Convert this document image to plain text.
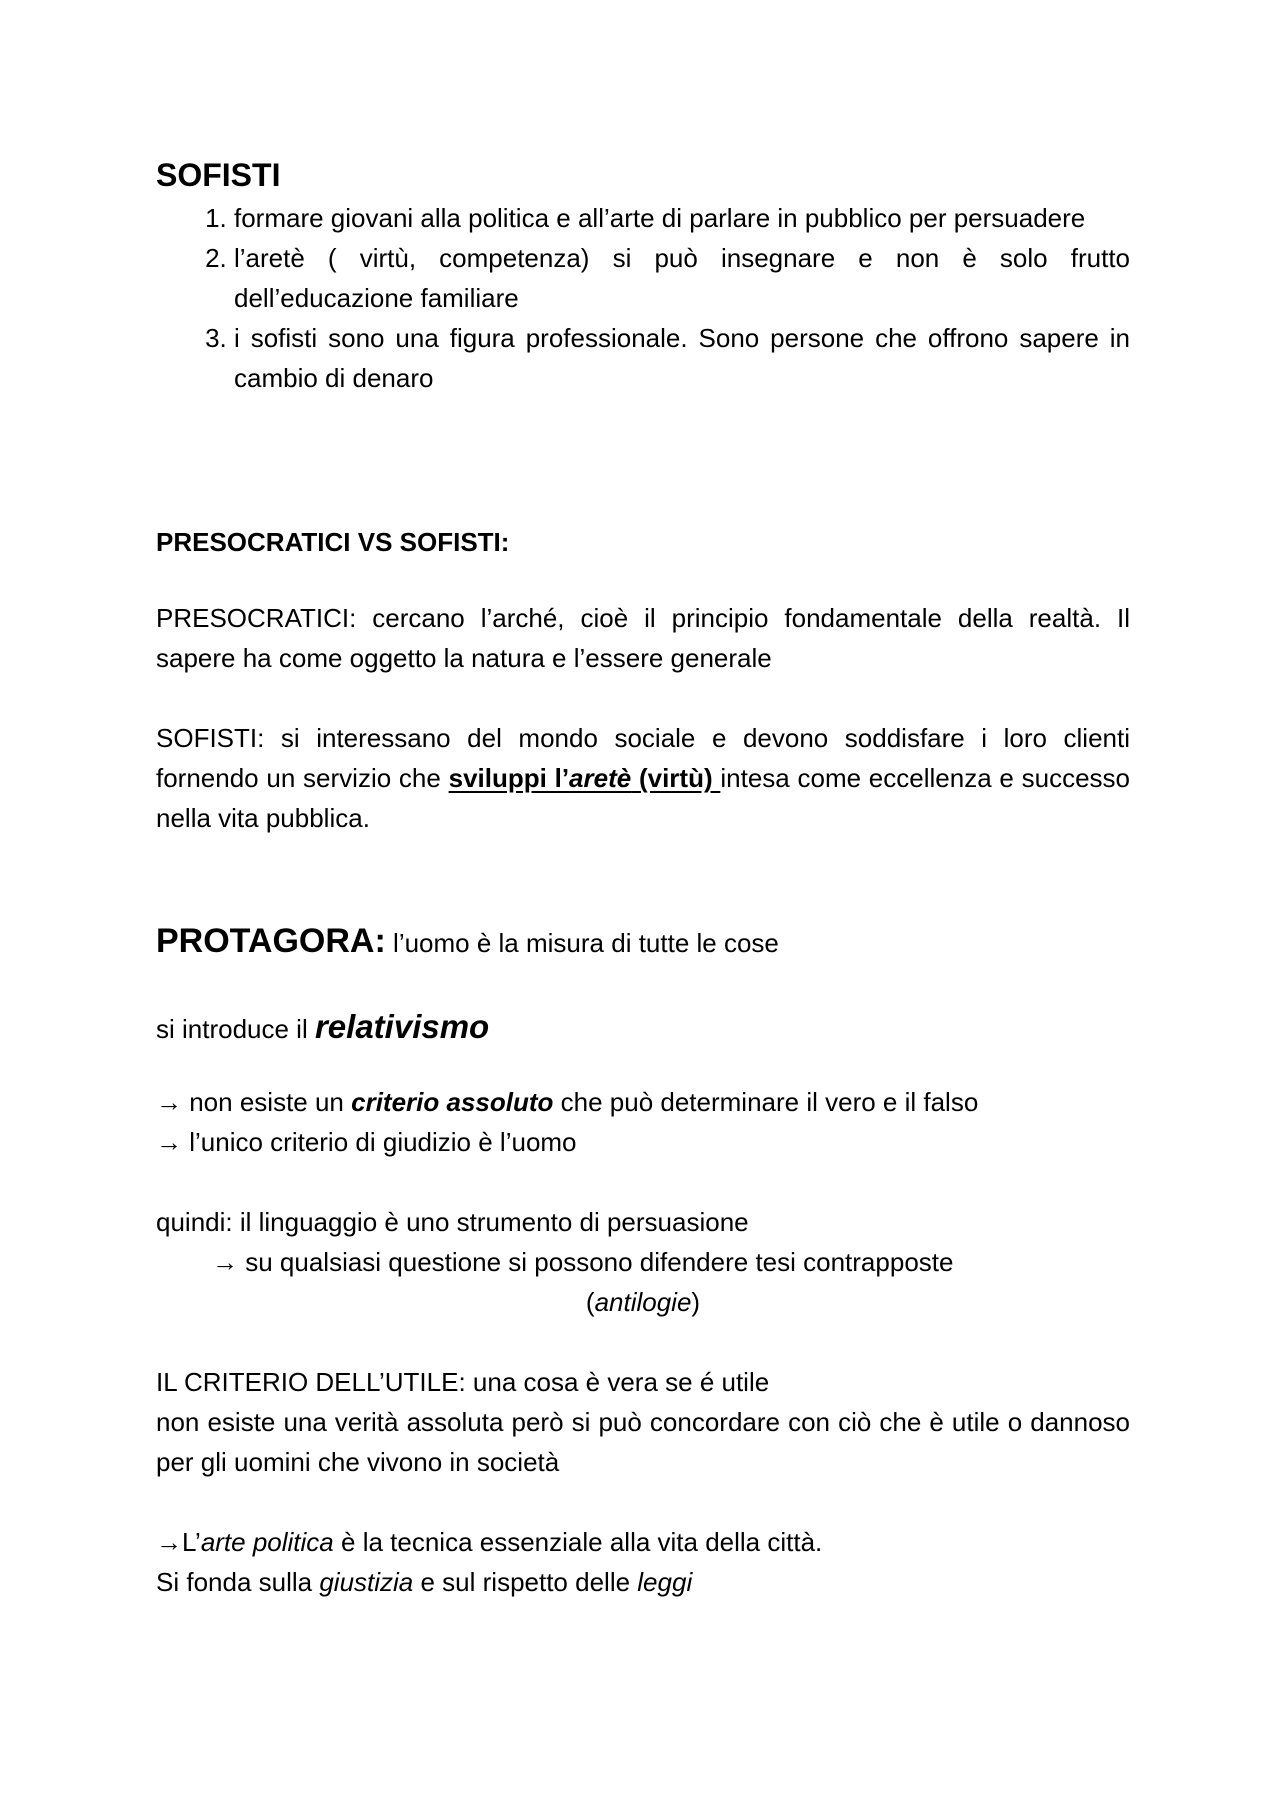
SOFISTI
1. formare giovani alla politica e all’arte di parlare in pubblico per persuadere
2. l’aretè ( virtù, competenza) si può insegnare e non è solo frutto dell’educazione familiare
3. i sofisti sono una figura professionale. Sono persone che offrono sapere in cambio di denaro

PRESOCRATICI VS SOFISTI:

PRESOCRATICI: cercano l’arché, cioè il principio fondamentale della realtà. Il sapere ha come oggetto la natura e l’essere generale

SOFISTI: si interessano del mondo sociale e devono soddisfare i loro clienti fornendo un servizio che sviluppi l’aretè (virtù) intesa come eccellenza e successo nella vita pubblica.

PROTAGORA: l’uomo è la misura di tutte le cose

si introduce il relativismo

→ non esiste un criterio assoluto che può determinare il vero e il falso

→ l’unico criterio di giudizio è l’uomo

quindi: il linguaggio è uno strumento di persuasione

→ su qualsiasi questione si possono difendere tesi contrapposte

(antilogie)

IL CRITERIO DELL’UTILE: una cosa è vera se é utile

non esiste una verità assoluta però si può concordare con ciò che è utile o dannoso per gli uomini che vivono in società

→L’arte politica è la tecnica essenziale alla vita della città.

Si fonda sulla giustizia e sul rispetto delle leggi
